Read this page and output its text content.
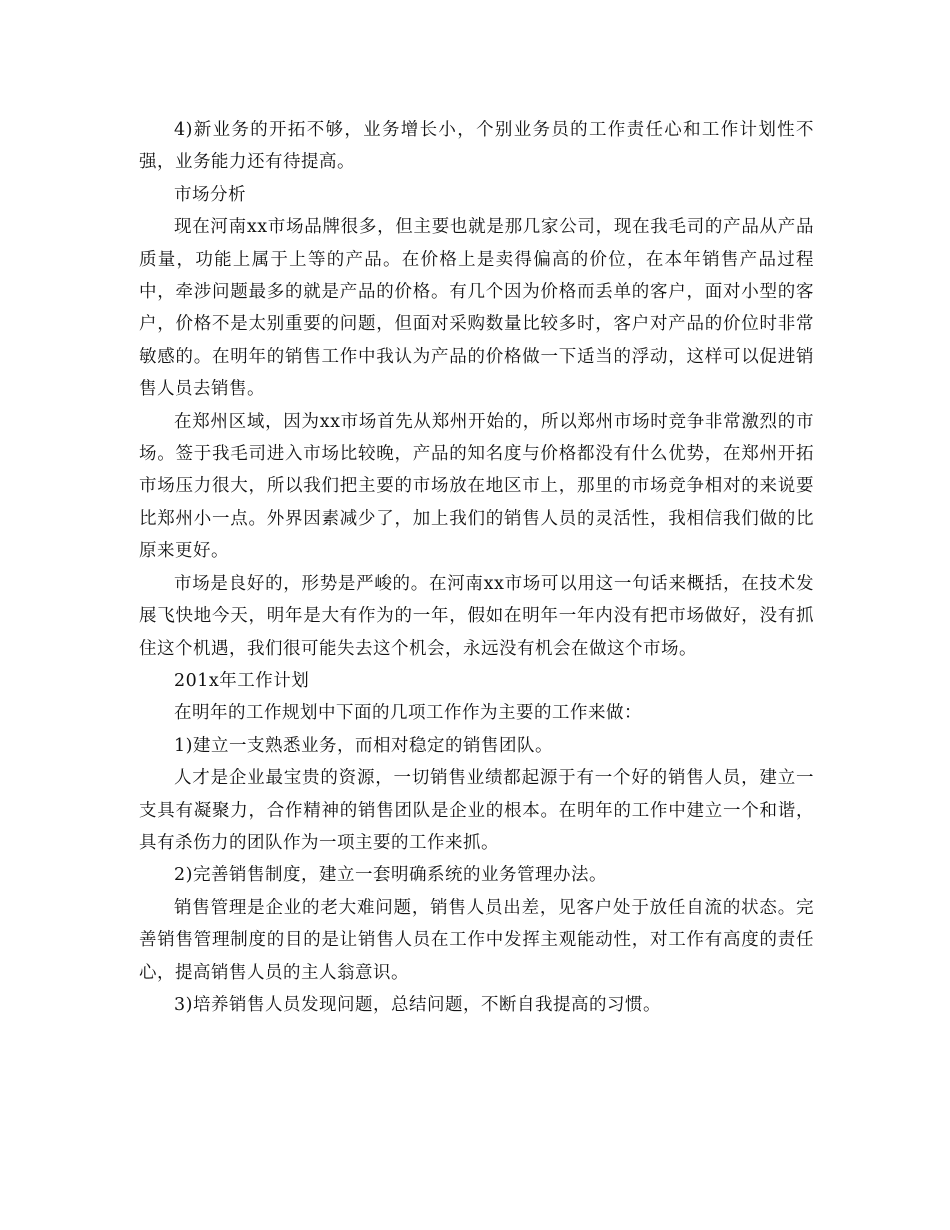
4)新业务的开拓不够，业务增长小，个别业务员的工作责任心和工作计划性不强，业务能力还有待提高。

市场分析

现在河南xx市场品牌很多，但主要也就是那几家公司，现在我毛司的产品从产品质量，功能上属于上等的产品。在价格上是卖得偏高的价位，在本年销售产品过程中，牵涉问题最多的就是产品的价格。有几个因为价格而丢单的客户，面对小型的客户，价格不是太别重要的问题，但面对采购数量比较多时，客户对产品的价位时非常敏感的。在明年的销售工作中我认为产品的价格做一下适当的浮动，这样可以促进销售人员去销售。

在郑州区域，因为xx市场首先从郑州开始的，所以郑州市场时竞争非常激烈的市场。签于我毛司进入市场比较晚，产品的知名度与价格都没有什么优势，在郑州开拓市场压力很大，所以我们把主要的市场放在地区市上，那里的市场竞争相对的来说要比郑州小一点。外界因素减少了，加上我们的销售人员的灵活性，我相信我们做的比原来更好。

市场是良好的，形势是严峻的。在河南xx市场可以用这一句话来概括，在技术发展飞快地今天，明年是大有作为的一年，假如在明年一年内没有把市场做好，没有抓住这个机遇，我们很可能失去这个机会，永远没有机会在做这个市场。

201x年工作计划

在明年的工作规划中下面的几项工作作为主要的工作来做：

1)建立一支熟悉业务，而相对稳定的销售团队。

人才是企业最宝贵的资源，一切销售业绩都起源于有一个好的销售人员，建立一支具有凝聚力，合作精神的销售团队是企业的根本。在明年的工作中建立一个和谐，具有杀伤力的团队作为一项主要的工作来抓。

2)完善销售制度，建立一套明确系统的业务管理办法。

销售管理是企业的老大难问题，销售人员出差，见客户处于放任自流的状态。完善销售管理制度的目的是让销售人员在工作中发挥主观能动性，对工作有高度的责任心，提高销售人员的主人翁意识。

3)培养销售人员发现问题，总结问题，不断自我提高的习惯。
